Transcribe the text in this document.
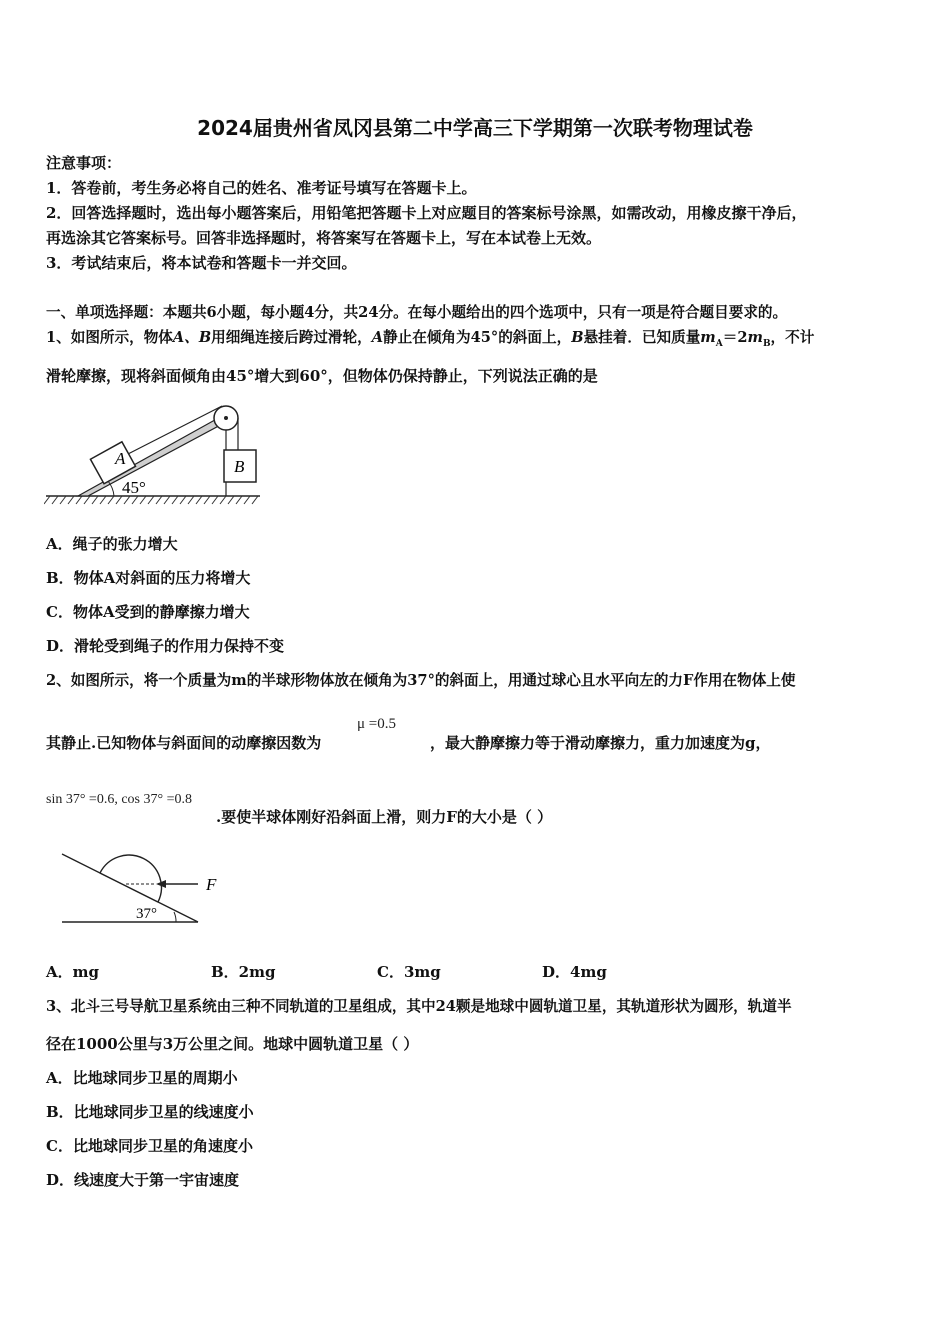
2024届贵州省凤冈县第二中学高三下学期第一次联考物理试卷
注意事项：
1．答卷前，考生务必将自己的姓名、准考证号填写在答题卡上。
2．回答选择题时，选出每小题答案后，用铅笔把答题卡上对应题目的答案标号涂黑，如需改动，用橡皮擦干净后，
再选涂其它答案标号。回答非选择题时，将答案写在答题卡上，写在本试卷上无效。
3．考试结束后，将本试卷和答题卡一并交回。
一、单项选择题：本题共6小题，每小题4分，共24分。在每小题给出的四个选项中，只有一项是符合题目要求的。
1、如图所示，物体A、B用细绳连接后跨过滑轮，A静止在倾角为45°的斜面上，B悬挂着．已知质量$m_A=2m_B$，不计
滑轮摩擦，现将斜面倾角由45°增大到60°，但物体仍保持静止，下列说法正确的是
A	B
45°
A．绳子的张力增大
B．物体A对斜面的压力将增大
C．物体A受到的静摩擦力增大
D．滑轮受到绳子的作用力保持不变
2、如图所示，将一个质量为m的半球形物体放在倾角为37°的斜面上，用通过球心且水平向左的力F作用在物体上使
μ =0.5
其静止.已知物体与斜面间的动摩擦因数为	，最大静摩擦力等于滑动摩擦力，重力加速度为g，
sin 37° =0.6, cos 37° =0.8
.要使半球体刚好沿斜面上滑，则力F的大小是（ ）
F
37°
A．mg	B．2mg	C．3mg	D．4mg
3、北斗三号导航卫星系统由三种不同轨道的卫星组成，其中24颗是地球中圆轨道卫星，其轨道形状为圆形，轨道半
径在1000公里与3万公里之间。地球中圆轨道卫星（ ）
A．比地球同步卫星的周期小
B．比地球同步卫星的线速度小
C．比地球同步卫星的角速度小
D．线速度大于第一宇宙速度
